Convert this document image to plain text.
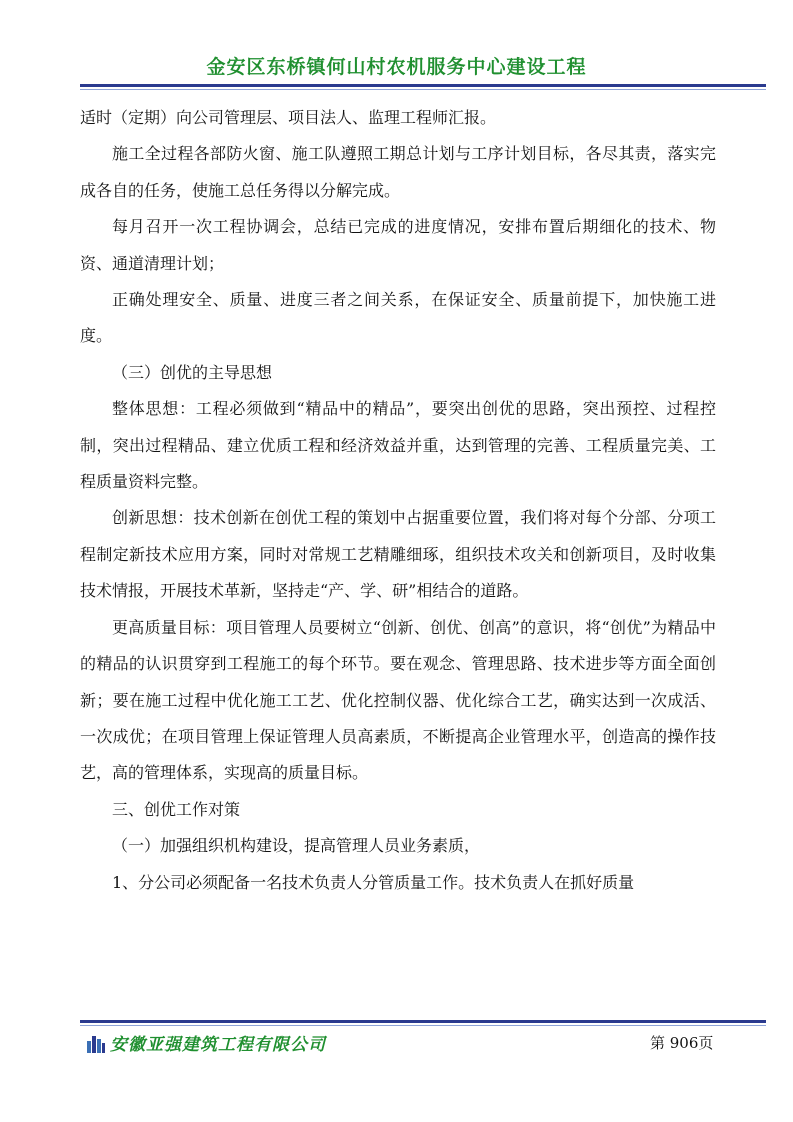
金安区东桥镇何山村农机服务中心建设工程

适时（定期）向公司管理层、项目法人、监理工程师汇报。

施工全过程各部防火窗、施工队遵照工期总计划与工序计划目标，各尽其责，落实完成各自的任务，使施工总任务得以分解完成。

每月召开一次工程协调会，总结已完成的进度情况，安排布置后期细化的技术、物资、通道清理计划；

正确处理安全、质量、进度三者之间关系，在保证安全、质量前提下，加快施工进度。

（三）创优的主导思想

整体思想：工程必须做到“精品中的精品”，要突出创优的思路，突出预控、过程控制，突出过程精品、建立优质工程和经济效益并重，达到管理的完善、工程质量完美、工程质量资料完整。

创新思想：技术创新在创优工程的策划中占据重要位置，我们将对每个分部、分项工程制定新技术应用方案，同时对常规工艺精雕细琢，组织技术攻关和创新项目，及时收集技术情报，开展技术革新，坚持走“产、学、研”相结合的道路。

更高质量目标：项目管理人员要树立“创新、创优、创高”的意识，将“创优”为精品中的精品的认识贯穿到工程施工的每个环节。要在观念、管理思路、技术进步等方面全面创新；要在施工过程中优化施工工艺、优化控制仪器、优化综合工艺，确实达到一次成活、一次成优；在项目管理上保证管理人员高素质，不断提高企业管理水平，创造高的操作技艺，高的管理体系，实现高的质量目标。

三、创优工作对策

（一）加强组织机构建设，提高管理人员业务素质，

1、分公司必须配备一名技术负责人分管质量工作。技术负责人在抓好质量

安徽亚强建筑工程有限公司	第 906页
